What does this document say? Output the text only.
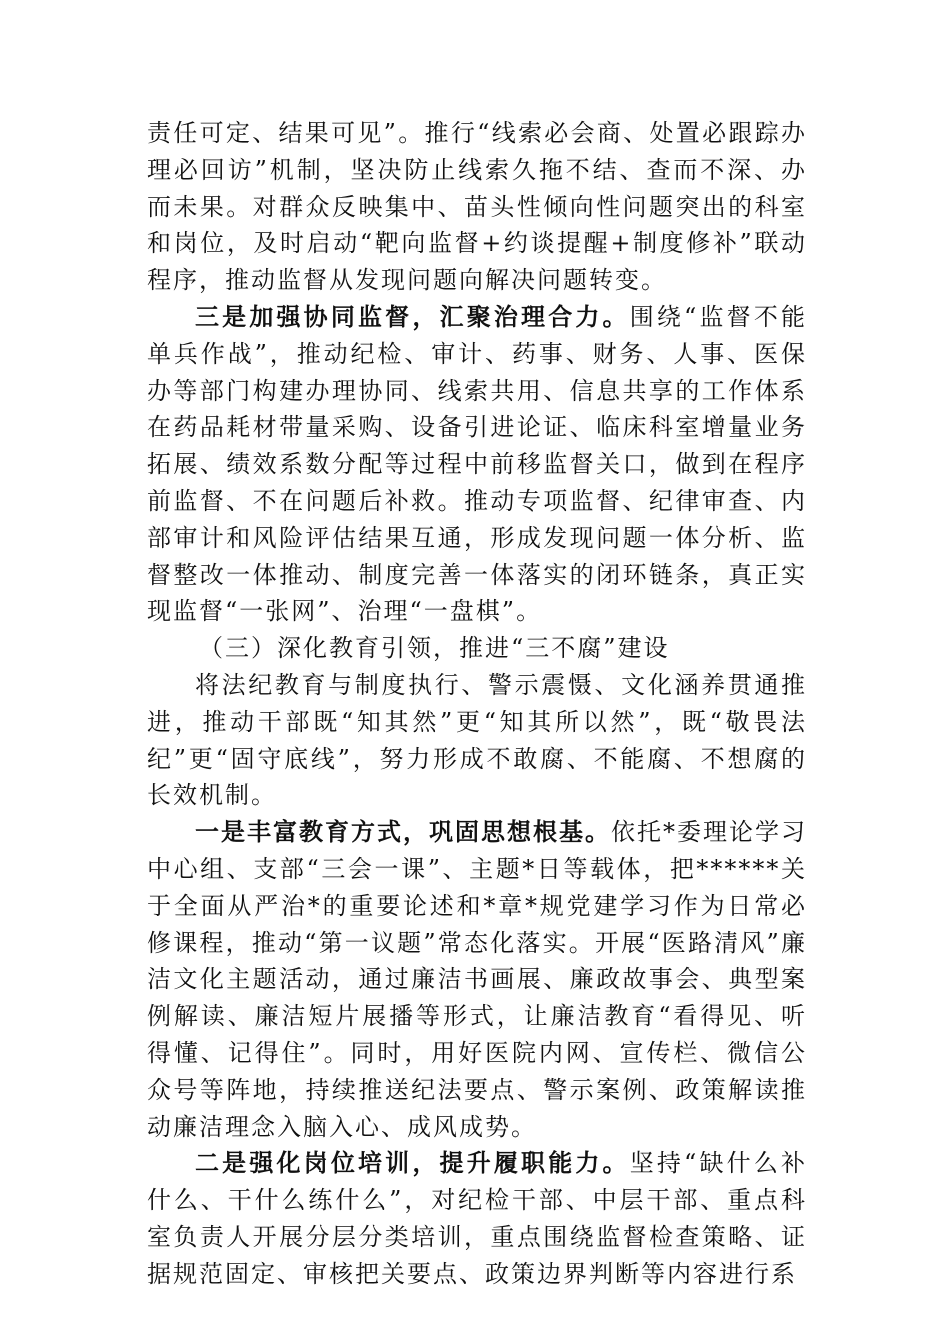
责任可定、结果可见”。推行“线索必会商、处置必跟踪办理必回访”机制，坚决防止线索久拖不结、查而不深、办而未果。对群众反映集中、苗头性倾向性问题突出的科室和岗位，及时启动“靶向监督+约谈提醒+制度修补”联动程序，推动监督从发现问题向解决问题转变。

三是加强协同监督，汇聚治理合力。围绕“监督不能单兵作战”，推动纪检、审计、药事、财务、人事、医保办等部门构建办理协同、线索共用、信息共享的工作体系在药品耗材带量采购、设备引进论证、临床科室增量业务拓展、绩效系数分配等过程中前移监督关口，做到在程序前监督、不在问题后补救。推动专项监督、纪律审查、内部审计和风险评估结果互通，形成发现问题一体分析、监督整改一体推动、制度完善一体落实的闭环链条，真正实现监督“一张网”、治理“一盘棋”。

（三）深化教育引领，推进“三不腐”建设

将法纪教育与制度执行、警示震慑、文化涵养贯通推进，推动干部既“知其然”更“知其所以然”，既“敬畏法纪”更“固守底线”，努力形成不敢腐、不能腐、不想腐的长效机制。

一是丰富教育方式，巩固思想根基。依托*委理论学习中心组、支部“三会一课”、主题*日等载体，把******关于全面从严治*的重要论述和*章*规党建学习作为日常必修课程，推动“第一议题”常态化落实。开展“医路清风”廉洁文化主题活动，通过廉洁书画展、廉政故事会、典型案例解读、廉洁短片展播等形式，让廉洁教育“看得见、听得懂、记得住”。同时，用好医院内网、宣传栏、微信公众号等阵地，持续推送纪法要点、警示案例、政策解读推动廉洁理念入脑入心、成风成势。

二是强化岗位培训，提升履职能力。坚持“缺什么补什么、干什么练什么”，对纪检干部、中层干部、重点科室负责人开展分层分类培训，重点围绕监督检查策略、证据规范固定、审核把关要点、政策边界判断等内容进行系
